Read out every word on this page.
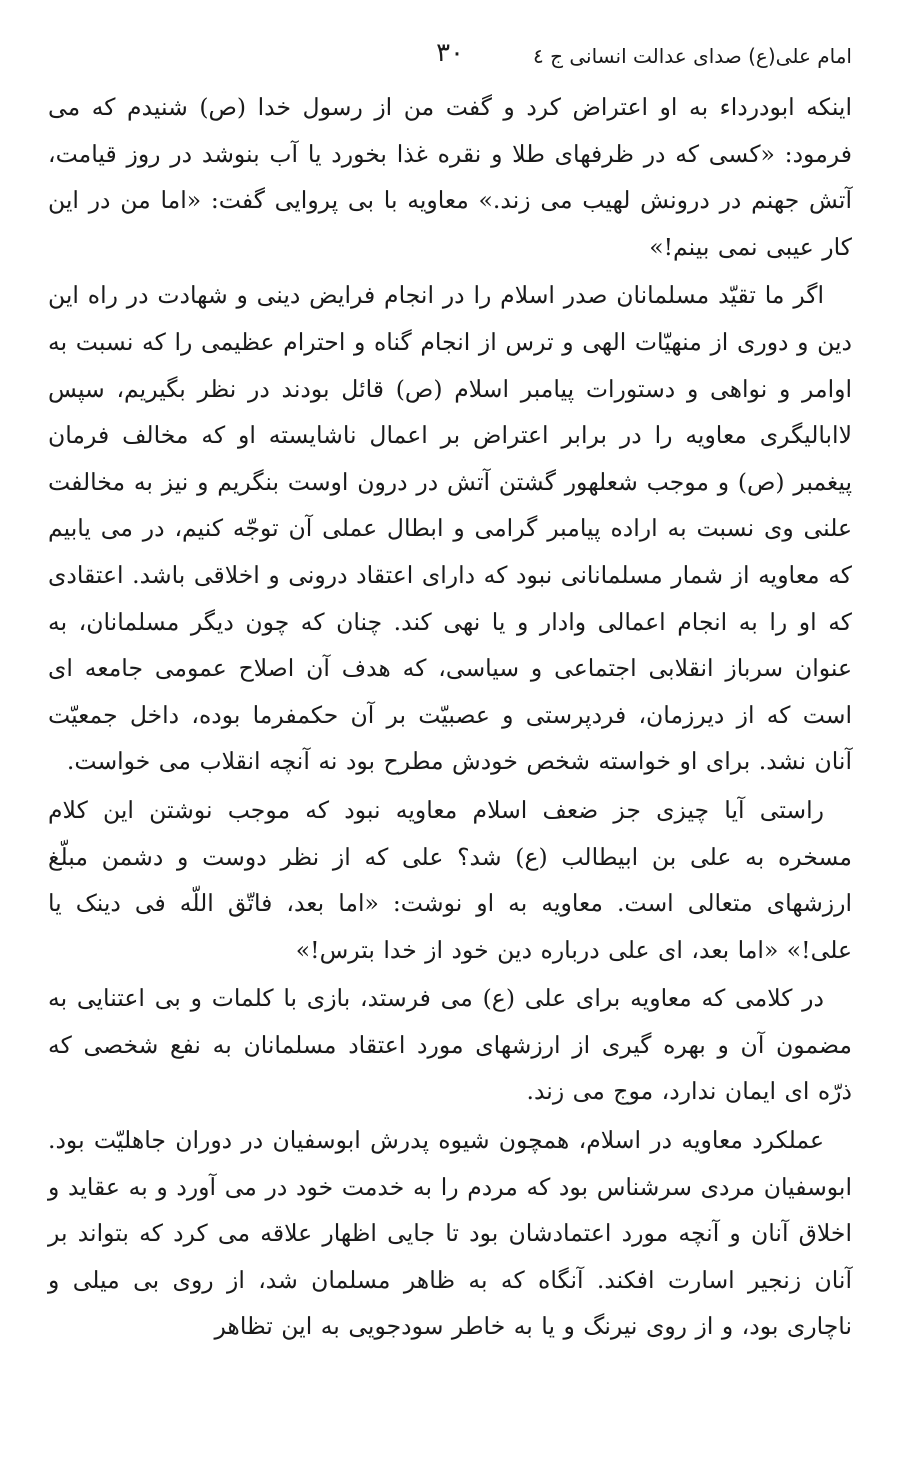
امام علی(ع) صدای عدالت انسانی ج ٤
۳۰

اینکه ابودرداء به او اعتراض کرد و گفت من از رسول خدا (ص) شنیدم که می فرمود: «کسی که در ظرفهای طلا و نقره غذا بخورد یا آب بنوشد در روز قیامت، آتش جهنم در درونش لهیب می زند.» معاویه با بی پروایی گفت: «اما من در این کار عیبی نمی بینم!»

اگر ما تقیّد مسلمانان صدر اسلام را در انجام فرایض دینی و شهادت در راه این دین و دوری از منهیّات الهی و ترس از انجام گناه و احترام عظیمی را که نسبت به اوامر و نواهی و دستورات پیامبر اسلام (ص) قائل بودند در نظر بگیریم، سپس لاابالیگری معاویه را در برابر اعتراض بر اعمال ناشایسته او که مخالف فرمان پیغمبر (ص) و موجب شعلهور گشتن آتش در درون اوست بنگریم و نیز به مخالفت علنی وی نسبت به اراده پیامبر گرامی و ابطال عملی آن توجّه کنیم، در می یابیم که معاویه از شمار مسلمانانی نبود که دارای اعتقاد درونی و اخلاقی باشد. اعتقادی که او را به انجام اعمالی وادار و یا نهی کند. چنان که چون دیگر مسلمانان، به عنوان سرباز انقلابی اجتماعی و سیاسی، که هدف آن اصلاح عمومی جامعه ای است که از دیرزمان، فردپرستی و عصبیّت بر آن حکمفرما بوده، داخل جمعیّت آنان نشد. برای او خواسته شخص خودش مطرح بود نه آنچه انقلاب می خواست.

راستی آیا چیزی جز ضعف اسلام معاویه نبود که موجب نوشتن این کلام مسخره به علی بن ابیطالب (ع) شد؟ علی که از نظر دوست و دشمن مبلّغ ارزشهای متعالی است. معاویه به او نوشت: «اما بعد، فاتّق اللّه فی دینک یا علی!» «اما بعد، ای علی درباره دین خود از خدا بترس!»

در کلامی که معاویه برای علی (ع) می فرستد، بازی با کلمات و بی اعتنایی به مضمون آن و بهره گیری از ارزشهای مورد اعتقاد مسلمانان به نفع شخصی که ذرّه ای ایمان ندارد، موج می زند.

عملکرد معاویه در اسلام، همچون شیوه پدرش ابوسفیان در دوران جاهلیّت بود. ابوسفیان مردی سرشناس بود که مردم را به خدمت خود در می آورد و به عقاید و اخلاق آنان و آنچه مورد اعتمادشان بود تا جایی اظهار علاقه می کرد که بتواند بر آنان زنجیر اسارت افکند. آنگاه که به ظاهر مسلمان شد، از روی بی میلی و ناچاری بود، و از روی نیرنگ و یا به خاطر سودجویی به این تظاهر
